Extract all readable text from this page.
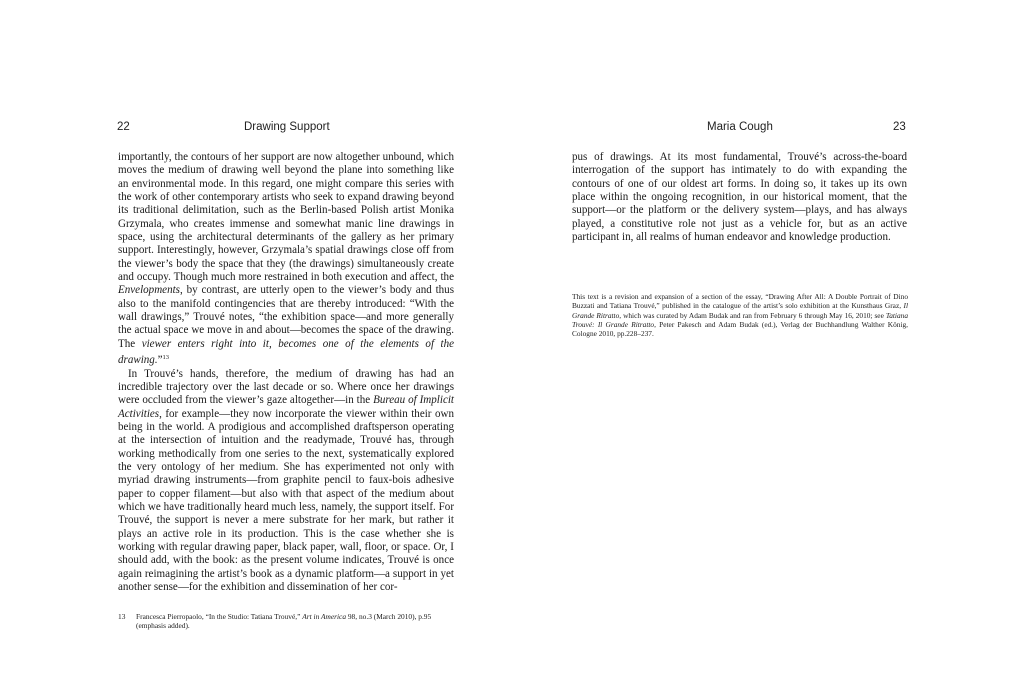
22	Drawing Support	Maria Cough	23

importantly, the contours of her support are now altogether unbound, which moves the medium of drawing well beyond the plane into something like an environmental mode. In this regard, one might compare this series with the work of other contemporary artists who seek to expand drawing beyond its traditional delimitation, such as the Berlin-based Polish artist Monika Grzymala, who creates immense and somewhat manic line drawings in space, using the architectural determinants of the gallery as her primary support. Interestingly, however, Grzymala’s spatial drawings close off from the viewer’s body the space that they (the drawings) simultaneously create and occupy. Though much more restrained in both execution and affect, the Envelopments, by contrast, are utterly open to the viewer’s body and thus also to the manifold contingencies that are thereby introduced: “With the wall drawings,” Trouvé notes, “the exhibition space—and more generally the actual space we move in and about—becomes the space of the drawing. The viewer enters right into it, becomes one of the elements of the drawing.”$^{13}$

In Trouvé’s hands, therefore, the medium of drawing has had an incredible trajectory over the last decade or so. Where once her drawings were occluded from the viewer’s gaze altogether—in the Bureau of Implicit Activities, for example—they now incorporate the viewer within their own being in the world. A prodigious and accomplished draftsperson operating at the intersection of intuition and the readymade, Trouvé has, through working methodically from one series to the next, systematically explored the very ontology of her medium. She has experimented not only with myriad drawing instruments—from graphite pencil to faux-bois adhesive paper to copper filament—but also with that aspect of the medium about which we have traditionally heard much less, namely, the support itself. For Trouvé, the support is never a mere substrate for her mark, but rather it plays an active role in its production. This is the case whether she is working with regular drawing paper, black paper, wall, floor, or space. Or, I should add, with the book: as the present volume indicates, Trouvé is once again reimagining the artist’s book as a dynamic platform—a support in yet another sense—for the exhibition and dissemination of her cor-

13 Francesca Pierropaolo, “In the Studio: Tatiana Trouvé,” Art in America 98, no.3 (March 2010), p.95 (emphasis added).

pus of drawings. At its most fundamental, Trouvé’s across-the-board interrogation of the support has intimately to do with expanding the contours of one of our oldest art forms. In doing so, it takes up its own place within the ongoing recognition, in our historical moment, that the support—or the platform or the delivery system—plays, and has always played, a constitutive role not just as a vehicle for, but as an active participant in, all realms of human endeavor and knowledge production.

This text is a revision and expansion of a section of the essay, “Drawing After All: A Double Portrait of Dino Buzzati and Tatiana Trouvé,” published in the catalogue of the artist’s solo exhibition at the Kunsthaus Graz, Il Grande Ritratto, which was curated by Adam Budak and ran from February 6 through May 16, 2010; see Tatiana Trouvé: Il Grande Ritratto, Peter Pakesch and Adam Budak (ed.), Verlag der Buchhandlung Walther König, Cologne 2010, pp.228–237.
